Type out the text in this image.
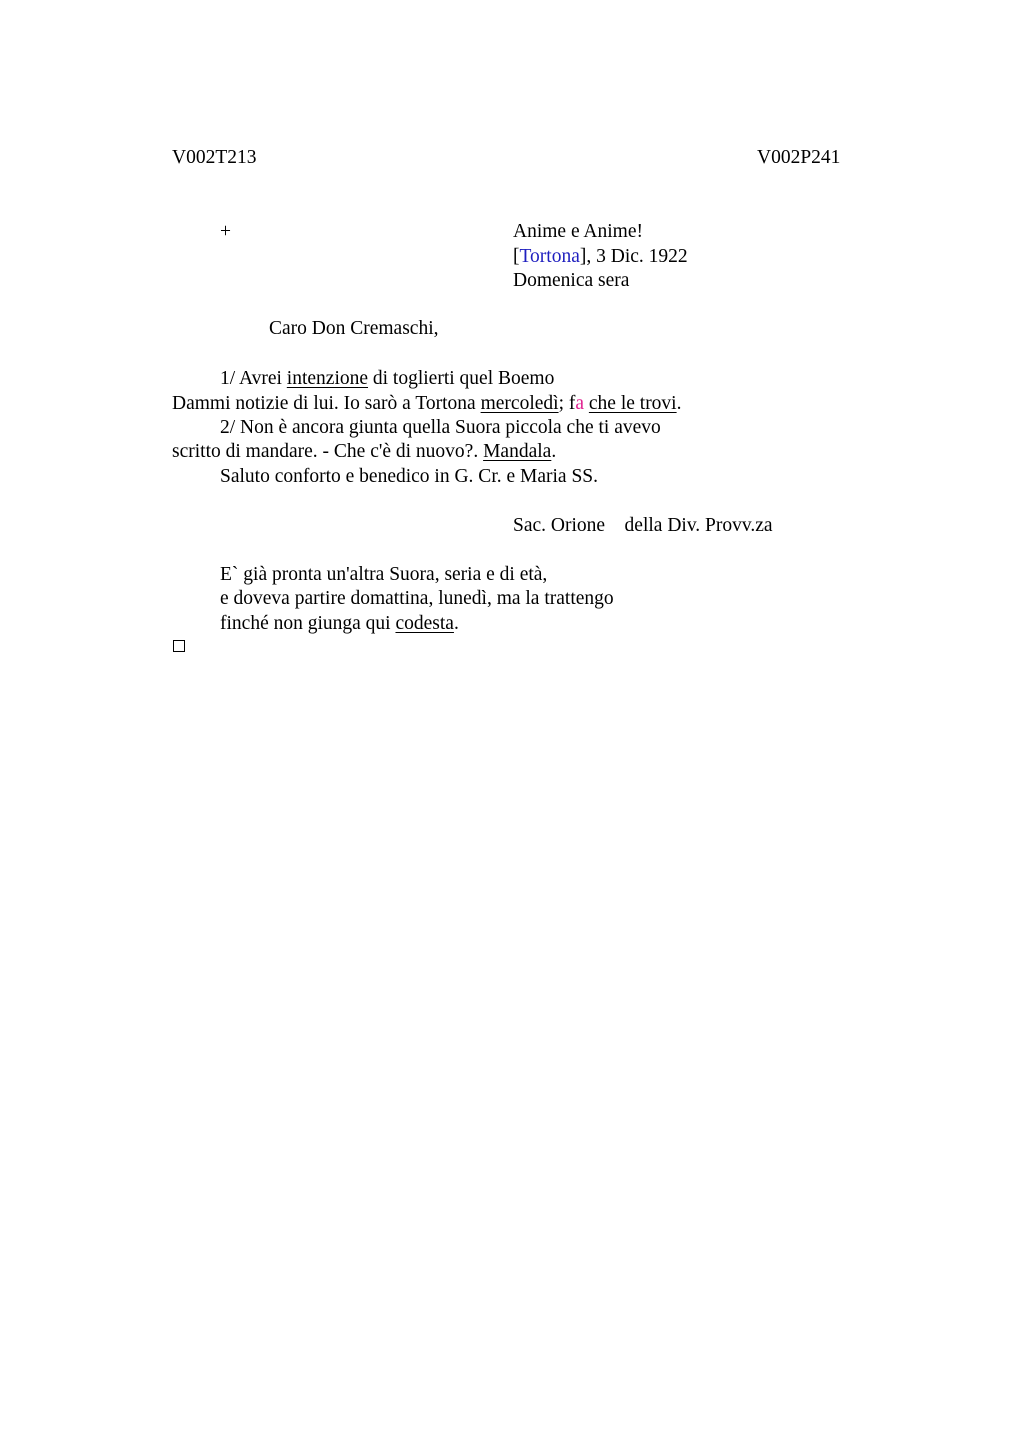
V002T213	V002P241
+	Anime e Anime!
[Tortona], 3 Dic. 1922
Domenica sera
Caro Don Cremaschi,
1/ Avrei intenzione di toglierti quel Boemo
Dammi notizie di lui. Io sarò a Tortona mercoledì; fa che le trovi.
2/ Non è ancora giunta quella Suora piccola che ti avevo
scritto di mandare. - Che c'è di nuovo?. Mandala.
Saluto conforto e benedico in G. Cr. e Maria SS.
Sac. Orione    della Div. Provv.za
E` già pronta un'altra Suora, seria e di età,
e doveva partire domattina, lunedì, ma la trattengo
finché non giunga qui codesta.
